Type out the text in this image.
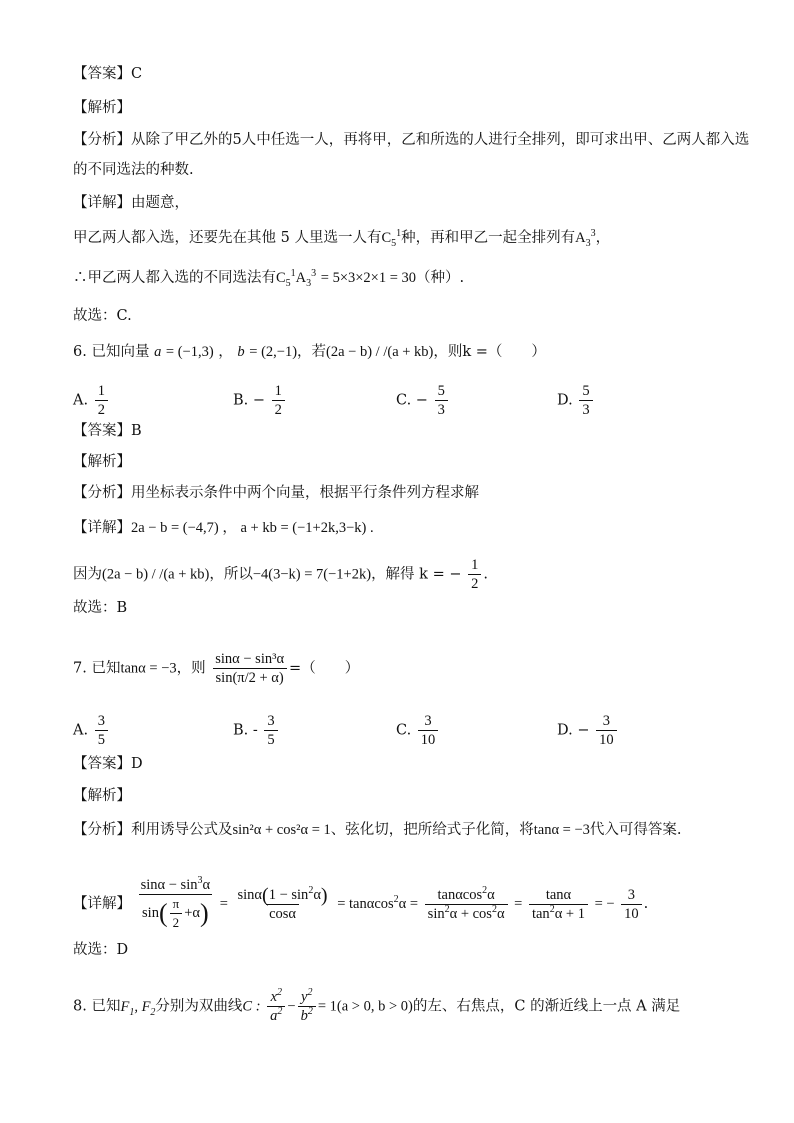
【答案】C
【解析】
【分析】从除了甲乙外的5人中任选一人，再将甲，乙和所选的人进行全排列，即可求出甲、乙两人都入选
的不同选法的种数.
【详解】由题意，
甲乙两人都入选，还要先在其他 5 人里选一人有$C_5^1$种，再和甲乙一起全排列有$A_3^3$，
∴甲乙两人都入选的不同选法有$C_5^1A_3^3 = 5\times 3\times 2\times 1 = 30$（种）.
故选：C.
6. 已知向量 a = (−1,3) ， b = (2,−1)，若(2a − b) / /(a + kb)，则k =（　　）
A. $\frac{1}{2}$	B. − $\frac{1}{2}$	C. − $\frac{5}{3}$	D. $\frac{5}{3}$
【答案】B
【解析】
【分析】用坐标表示条件中两个向量，根据平行条件列方程求解
【详解】2a − b = (−4,7) ， a + kb = (−1+2k,3−k) .
因为(2a − b) / /(a + kb)，所以−4(3−k) = 7(−1+2k)，解得 k = − $\frac{1}{2}$ .
故选：B
7. 已知tanα = −3，则 $\frac{\text{sinα − sin³α}}{\sin(\pi/2 + \alpha)}$ =（　　）
A. $\frac{3}{5}$	B. - $\frac{3}{5}$	C. $\frac{3}{10}$	D. − $\frac{3}{10}$
【答案】D
【解析】
【分析】利用诱导公式及sin²α + cos²α = 1、弦化切，把所给式子化简，将tanα = −3代入可得答案.
【详解】 $\frac{\sin\alpha - \sin^3\alpha}{\sin( \frac{\pi}{2} +\alpha)} = \frac{\sin\alpha(1 - \sin^2\alpha)}{\cos\alpha} = \tan\alpha\cos^2\alpha = \frac{\tan\alpha\cos^2\alpha}{\sin^2\alpha + \cos^2\alpha} = \frac{\tan\alpha}{\tan^2\alpha + 1}$ = − $\frac{3}{10}$ .
故选：D
8. 已知$F_1$, $F_2$分别为双曲线C : $\frac{x^2}{a^2} - \frac{y^2}{b^2} = 1(a > 0$, b > 0)的左、右焦点，C 的渐近线上一点 A 满足
